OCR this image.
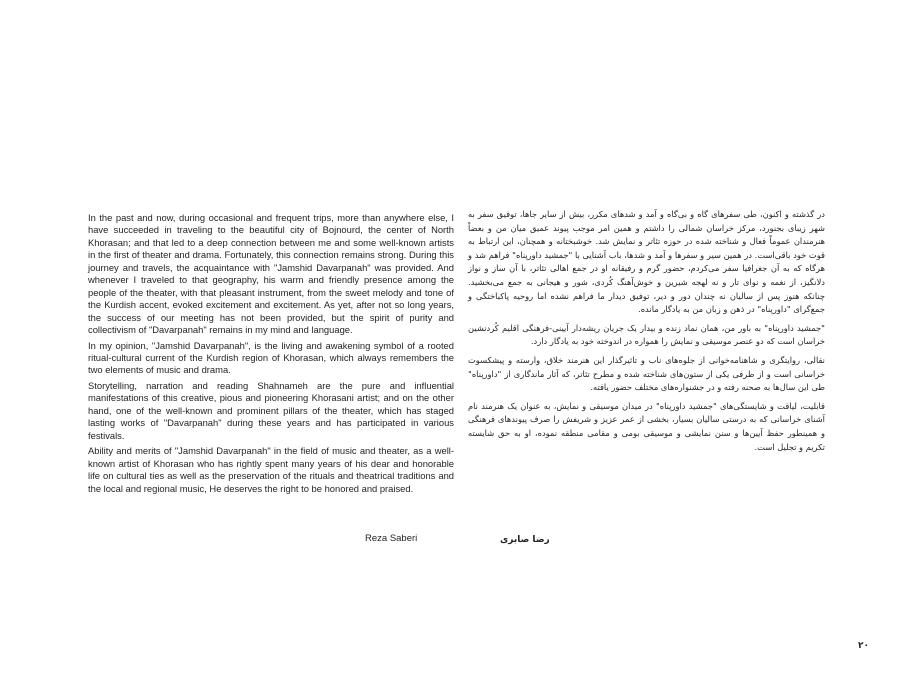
In the past and now, during occasional and frequent trips, more than anywhere else, I have succeeded in traveling to the beautiful city of Bojnourd, the center of North Khorasan; and that led to a deep connection between me and some well-known artists in the first of theater and drama. Fortunately, this connection remains strong. During this journey and travels, the acquaintance with "Jamshid Davarpanah" was provided. And whenever I traveled to that geography, his warm and friendly presence among the people of the theater, with that pleasant instrument, from the sweet melody and tone of the Kurdish accent, evoked excitement and excitement. As yet, after not so long years, the success of our meeting has not been provided, but the spirit of purity and collectivism of "Davarpanah" remains in my mind and language.

In my opinion, "Jamshid Davarpanah", is the living and awakening symbol of a rooted ritual-cultural current of the Kurdish region of Khorasan, which always remembers the two elements of music and drama.

Storytelling, narration and reading Shahnameh are the pure and influential manifestations of this creative, pious and pioneering Khorasani artist; and on the other hand, one of the well-known and prominent pillars of the theater, which has staged lasting works of "Davarpanah" during these years and has participated in various festivals.

Ability and merits of "Jamshid Davarpanah" in the field of music and theater, as a well-known artist of Khorasan who has rightly spent many years of his dear and honorable life on cultural ties as well as the preservation of the rituals and theatrical traditions and the local and regional music, He deserves the right to be honored and praised.

در گذشته و اکنون، طی سفرهای گاه و بی‌گاه و آمد و شدهای مکرر، بیش از سایر جاها، توفیق سفر به شهر زیبای بجنورد، مرکز خراسان شمالی را داشتم و همین امر موجب پیوند عمیق میان من و بعضاً هنرمندان عموماً فعال و شناخته شده در حوزه تئاتر و نمایش شد. خوشبختانه و همچنان، این ارتباط به قوت خود باقی‌است. در همین سیر و سفرها و آمد و شدها، باب آشنایی با "جمشید داورپناه" فراهم شد و هرگاه که به آن جغرافیا سفر می‌کردم، حضور گرم و رفیقانه او در جمع اهالی تئاتر، با آن ساز و نواز دلانگیز، از نغمه و نوای تار و نه لهجه شیرین و خوش‌آهنگ کُردی، شور و هیجانی به جمع می‌بخشید. چنانکه هنوز پس از سالیان نه چندان دور و دیر، توفیق دیدار ما فراهم نشده اما روحیه پاکباختگی و جمع‌گرای "داورپناه" در ذهن و زبان من به یادگار مانده.

"جمشید داورپناه" به باور من، همان نماد زنده و بیدار یک جریان ریشه‌دار آیینی-فرهنگی اقلیم کُردنشین خراسان است که دو عنصر موسیقی و نمایش را همواره در اندوخته خود به یادگار دارد.

نقالی، روایتگری و شاهنامه‌خوانی از جلوه‌های ناب و تاثیرگذار این هنرمند خلاق، وارسته و پیشکسوت خراسانی است و از طرفی یکی از ستون‌های شناخته شده و مطرح تئاتر، که آثار ماندگاری از "داورپناه" طی این سال‌ها به صحنه رفته و در جشنواره‌های مختلف حضور یافته.

قابلیت، لیاقت و شایستگی‌های "جمشید داورپناه" در میدان موسیقی و نمایش، به عنوان یک هنرمند نام آشنای خراسانی که به درستی سالیان بسیار، بخشی از عمر عزیز و شریفش را صرف پیوندهای فرهنگی و همینطور حفظ آیین‌ها و سنن نمایشی و موسیقی بومی و مقامی منطقه نموده، او به حق شایسته تکریم و تجلیل است.

Reza Saberi	رضا صابری
۲۰
